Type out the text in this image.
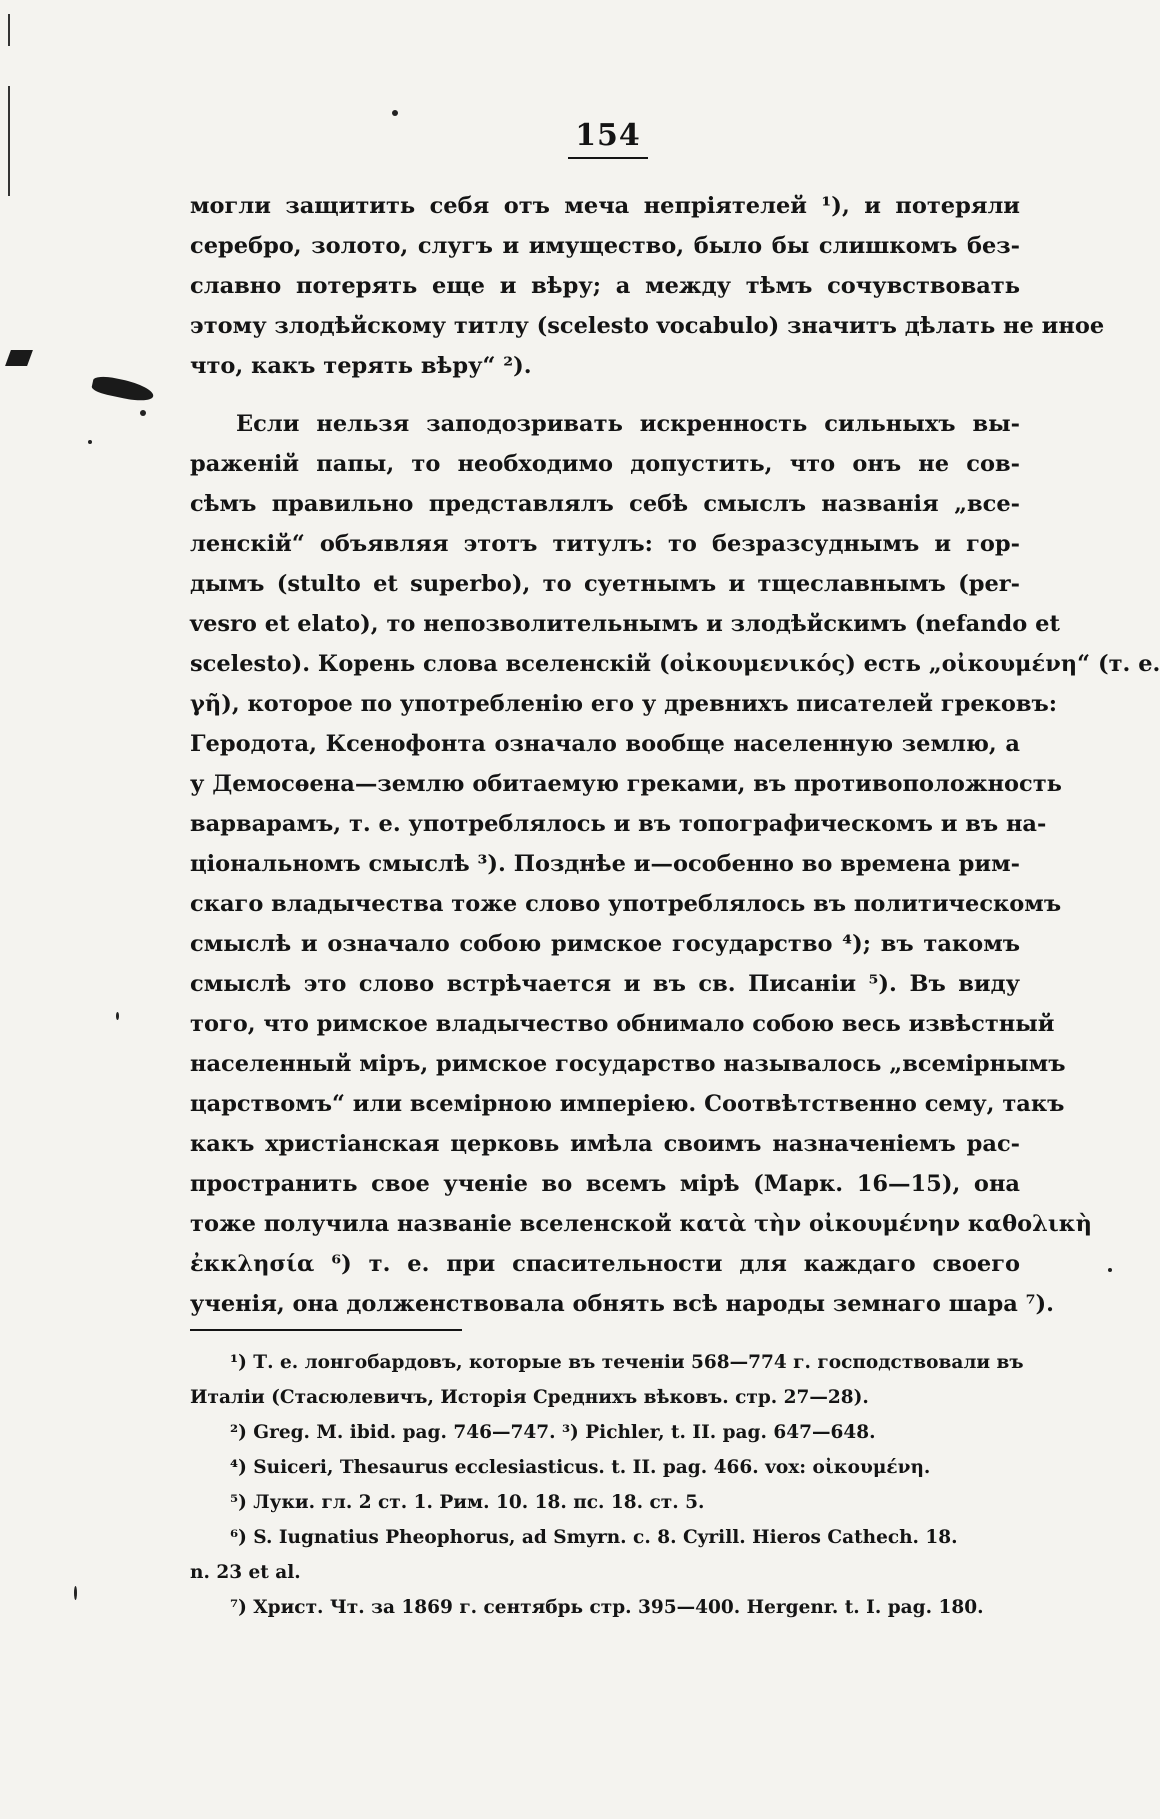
154
могли защитить себя отъ меча непріятелей ¹), и потеряли
серебро, золото, слугъ и имущество, было бы слишкомъ без-
славно потерять еще и вѣру; а между тѣмъ сочувствовать
этому злодѣйскому титлу (scelesto vocabulo) значитъ дѣлать не иное
что, какъ терять вѣру“ ²).
Если нельзя заподозривать искренность сильныхъ вы-
раженій папы, то необходимо допустить, что онъ не сов-
сѣмъ правильно представлялъ себѣ смыслъ названія „все-
ленскій“ объявляя этотъ титулъ: то безразсуднымъ и гор-
дымъ (stulto et superbo), то суетнымъ и тщеславнымъ (per-
vesro et elato), то непозволительнымъ и злодѣйскимъ (nefando et
scelesto). Корень слова вселенскій (οἰκουμενικός) есть „οἰκουμένη“ (т. е.
γῆ), которое по употребленію его у древнихъ писателей грековъ:
Геродота, Ксенофонта означало вообще населенную землю, а
у Демосѳена—землю обитаемую греками, въ противоположность
варварамъ, т. е. употреблялось и въ топографическомъ и въ на-
ціональномъ смыслѣ ³). Позднѣе и—особенно во времена рим-
скаго владычества тоже слово употреблялось въ политическомъ
смыслѣ и означало собою римское государство ⁴); въ такомъ
смыслѣ это слово встрѣчается и въ св. Писаніи ⁵). Въ виду
того, что римское владычество обнимало собою весь извѣстный
населенный міръ, римское государство называлось „всемірнымъ
царствомъ“ или всемірною имперіею. Соотвѣтственно сему, такъ
какъ христіанская церковь имѣла своимъ назначеніемъ рас-
пространить свое ученіе во всемъ мірѣ (Марк. 16—15), она
тоже получила названіе вселенской κατὰ τὴν οἰκουμένην καθολικὴ
ἐκκλησία ⁶) т. е. при спасительности для каждаго своего
ученія, она долженствовала обнять всѣ народы земнаго шара ⁷).
¹) Т. е. лонгобардовъ, которые въ теченіи 568—774 г. господствовали въ
Италіи (Стасюлевичъ, Исторія Среднихъ вѣковъ. стр. 27—28).
²) Greg. M. ibid. pag. 746—747. ³) Pichler, t. II. pag. 647—648.
⁴) Suiceri, Thesaurus ecclesiasticus. t. II. pag. 466. vox: οἰκουμένη.
⁵) Луки. гл. 2 ст. 1. Рим. 10. 18. пс. 18. ст. 5.
⁶) S. Iugnatius Pheophorus, ad Smyrn. c. 8. Cyrill. Hieros Cathech. 18.
n. 23 et al.
⁷) Христ. Чт. за 1869 г. сентябрь стр. 395—400. Hergenr. t. I. pag. 180.
